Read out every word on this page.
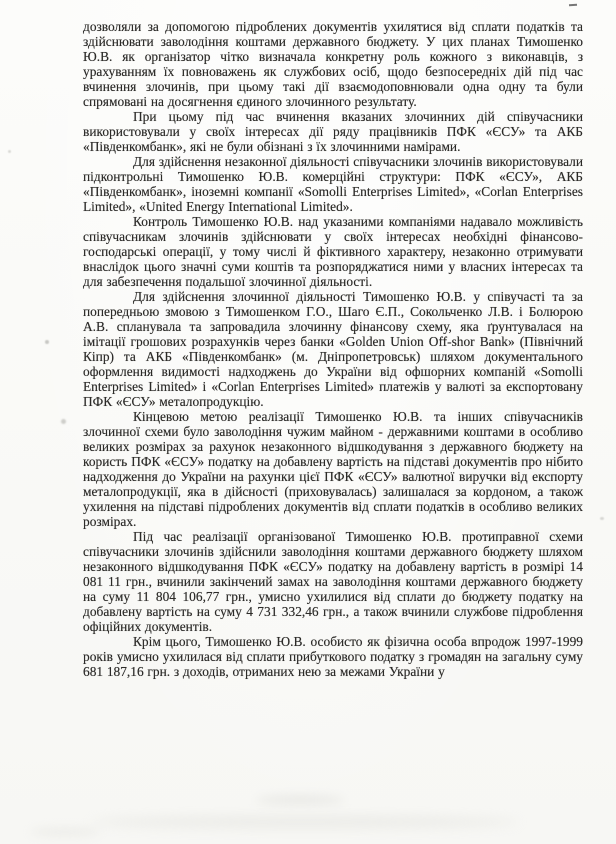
дозволяли за допомогою підроблених документів ухилятися від сплати податків та здійснювати заволодіння коштами державного бюджету. У цих планах Тимошенко Ю.В. як організатор чітко визначала конкретну роль кожного з виконавців, з урахуванням їх повноважень як службових осіб, щодо безпосередніх дій під час вчинення злочинів, при цьому такі дії взаємодоповнювали одна одну та були спрямовані на досягнення єдиного злочинного результату.

При цьому під час вчинення вказаних злочинних дій співучасники використовували у своїх інтересах дії ряду працівників ПФК «ЄСУ» та АКБ «Південкомбанк», які не були обізнані з їх злочинними намірами.

Для здійснення незаконної діяльності співучасники злочинів використовували підконтрольні Тимошенко Ю.В. комерційні структури: ПФК «ЄСУ», АКБ «Південкомбанк», іноземні компанії «Somolli Enterprises Limited», «Corlan Enterprises Limited», «United Energy International Limited».

Контроль Тимошенко Ю.В. над указаними компаніями надавало можливість співучасникам злочинів здійснювати у своїх інтересах необхідні фінансово-господарські операції, у тому числі й фіктивного характеру, незаконно отримувати внаслідок цього значні суми коштів та розпоряджатися ними у власних інтересах та для забезпечення подальшої злочинної діяльності.

Для здійснення злочинної діяльності Тимошенко Ю.В. у співучасті та за попередньою змовою з Тимошенком Г.О., Шаго Є.П., Сокольченко Л.В. і Болюрою А.В. спланувала та запровадила злочинну фінансову схему, яка ґрунтувалася на імітації грошових розрахунків через банки «Golden Union Off-shor Bank» (Північний Кіпр) та АКБ «Південкомбанк» (м. Дніпропетровськ) шляхом документального оформлення видимості надходжень до України від офшорних компаній «Somolli Enterprises Limited» і «Corlan Enterprises Limited» платежів у валюті за експортовану ПФК «ЄСУ» металопродукцію.

Кінцевою метою реалізації Тимошенко Ю.В. та інших співучасників злочинної схеми було заволодіння чужим майном - державними коштами в особливо великих розмірах за рахунок незаконного відшкодування з державного бюджету на користь ПФК «ЄСУ» податку на добавлену вартість на підставі документів про нібито надходження до України на рахунки цієї ПФК «ЄСУ» валютної виручки від експорту металопродукції, яка в дійсності (приховувалась) залишалася за кордоном, а також ухилення на підставі підроблених документів від сплати податків в особливо великих розмірах.

Під час реалізації організованої Тимошенко Ю.В. протиправної схеми співучасники злочинів здійснили заволодіння коштами державного бюджету шляхом незаконного відшкодування ПФК «ЄСУ» податку на добавлену вартість в розмірі 14 081 11 грн., вчинили закінчений замах на заволодіння коштами державного бюджету на суму 11 804 106,77 грн., умисно ухилилися від сплати до бюджету податку на добавлену вартість на суму 4 731 332,46 грн., а також вчинили службове підроблення офіційних документів.

Крім цього, Тимошенко Ю.В. особисто як фізична особа впродож 1997-1999 років умисно ухилилася від сплати прибуткового податку з громадян на загальну суму 681 187,16 грн. з доходів, отриманих нею за межами України у
